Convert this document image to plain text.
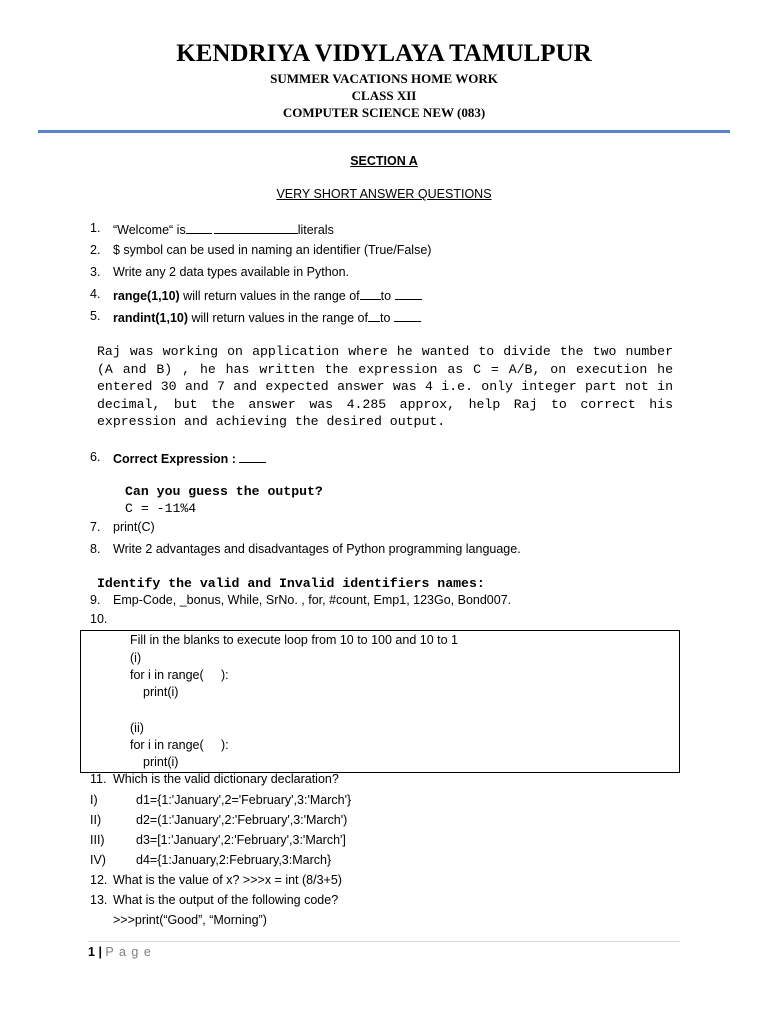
KENDRIYA VIDYLAYA TAMULPUR
SUMMER VACATIONS HOME WORK
CLASS XII
COMPUTER SCIENCE NEW (083)
SECTION A
VERY SHORT ANSWER QUESTIONS
1. “Welcome“ is	literals
2. $ symbol can be used in naming an identifier (True/False)
3. Write any 2 data types available in Python.
4. range(1,10) will return values in the range of to
5. randint(1,10) will return values in the range of to
Raj was working on application where he wanted to divide the two number (A and B) , he has written the expression as C = A/B, on execution he entered 30 and 7 and expected answer was 4 i.e. only integer part not in decimal, but the answer was 4.285 approx, help Raj to correct his expression and achieving the desired output.
6. Correct Expression :
Can you guess the output?
C = -11%4
7. print(C)
8. Write 2 advantages and disadvantages of Python programming language.
Identify the valid and Invalid identifiers names:
9. Emp-Code, _bonus, While, SrNo. , for, #count, Emp1, 123Go, Bond007.
10.
Fill in the blanks to execute loop from 10 to 100 and 10 to 1
(i)
for i in range(     ):
print(i)
(ii)
for i in range(     ):
print(i)
11. Which is the valid dictionary declaration?
I)	d1={1:'January',2='February',3:'March'}
II)	d2=(1:'January',2:'February',3:'March')
III)	d3=[1:'January',2:'February',3:'March']
IV) d4={1:January,2:February,3:March}
12. What is the value of x? >>>x = int (8/3+5)
13. What is the output of the following code?
>>>print(“Good”, “Morning”)
1 | P a g e
